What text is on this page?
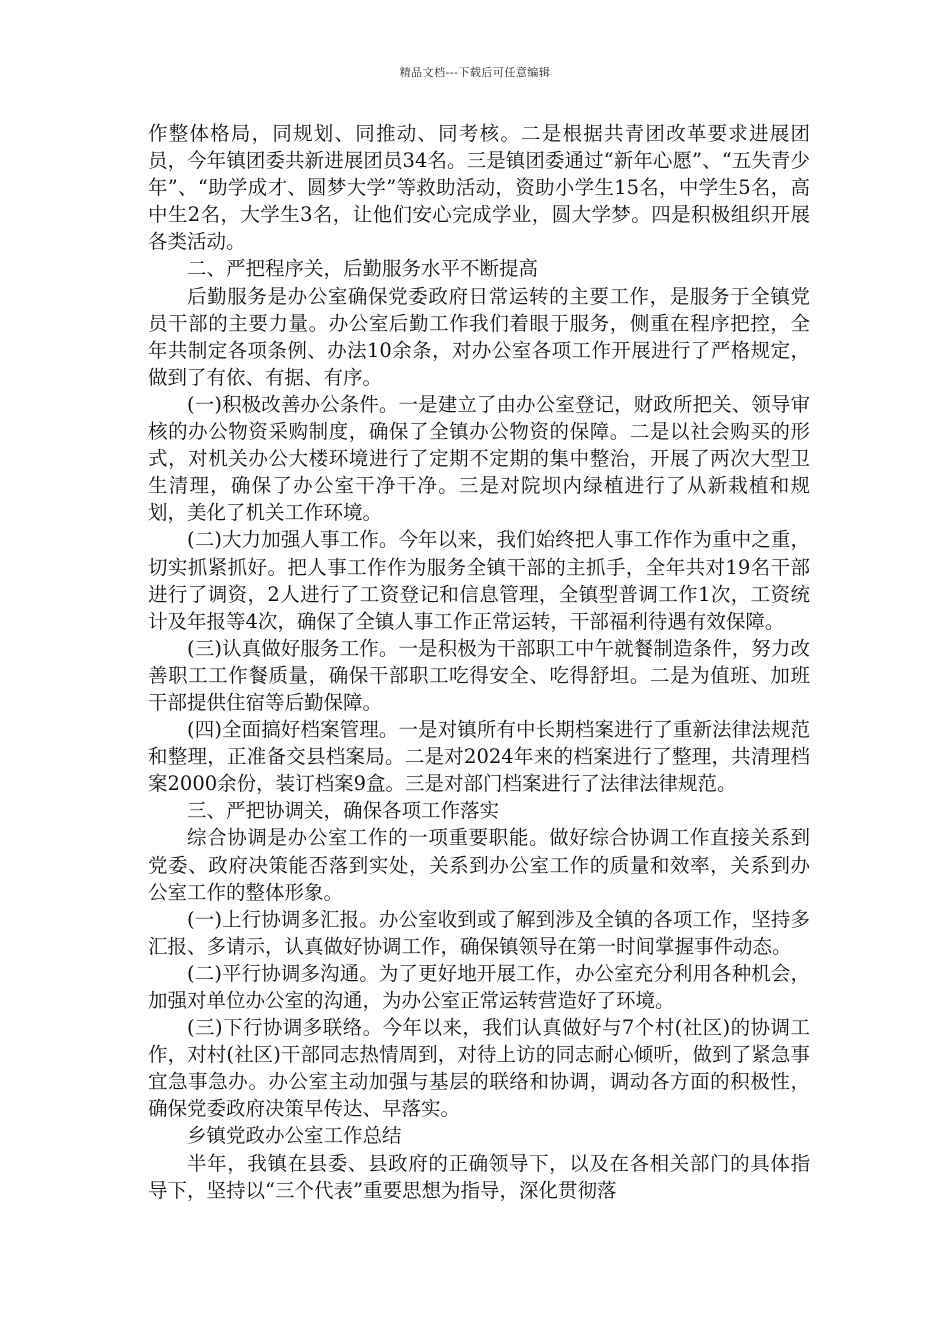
精品文档---下载后可任意编辑

作整体格局，同规划、同推动、同考核。二是根据共青团改革要求进展团员，今年镇团委共新进展团员34名。三是镇团委通过“新年心愿”、“五失青少年”、“助学成才、圆梦大学”等救助活动，资助小学生15名，中学生5名，高中生2名，大学生3名，让他们安心完成学业，圆大学梦。四是积极组织开展各类活动。

二、严把程序关，后勤服务水平不断提高

后勤服务是办公室确保党委政府日常运转的主要工作，是服务于全镇党员干部的主要力量。办公室后勤工作我们着眼于服务，侧重在程序把控，全年共制定各项条例、办法10余条，对办公室各项工作开展进行了严格规定，做到了有依、有据、有序。

(一)积极改善办公条件。一是建立了由办公室登记，财政所把关、领导审核的办公物资采购制度，确保了全镇办公物资的保障。二是以社会购买的形式，对机关办公大楼环境进行了定期不定期的集中整治，开展了两次大型卫生清理，确保了办公室干净干净。三是对院坝内绿植进行了从新栽植和规划，美化了机关工作环境。

(二)大力加强人事工作。今年以来，我们始终把人事工作作为重中之重，切实抓紧抓好。把人事工作作为服务全镇干部的主抓手，全年共对19名干部进行了调资，2人进行了工资登记和信息管理，全镇型普调工作1次，工资统计及年报等4次，确保了全镇人事工作正常运转，干部福利待遇有效保障。

(三)认真做好服务工作。一是积极为干部职工中午就餐制造条件，努力改善职工工作餐质量，确保干部职工吃得安全、吃得舒坦。二是为值班、加班干部提供住宿等后勤保障。

(四)全面搞好档案管理。一是对镇所有中长期档案进行了重新法律法规范和整理，正准备交县档案局。二是对2024年来的档案进行了整理，共清理档案2000余份，装订档案9盒。三是对部门档案进行了法律法律规范。

三、严把协调关，确保各项工作落实

综合协调是办公室工作的一项重要职能。做好综合协调工作直接关系到党委、政府决策能否落到实处，关系到办公室工作的质量和效率，关系到办公室工作的整体形象。

(一)上行协调多汇报。办公室收到或了解到涉及全镇的各项工作，坚持多汇报、多请示，认真做好协调工作，确保镇领导在第一时间掌握事件动态。

(二)平行协调多沟通。为了更好地开展工作，办公室充分利用各种机会，加强对单位办公室的沟通，为办公室正常运转营造好了环境。

(三)下行协调多联络。今年以来，我们认真做好与7个村(社区)的协调工作，对村(社区)干部同志热情周到，对待上访的同志耐心倾听，做到了紧急事宜急事急办。办公室主动加强与基层的联络和协调，调动各方面的积极性，确保党委政府决策早传达、早落实。

乡镇党政办公室工作总结

半年，我镇在县委、县政府的正确领导下，以及在各相关部门的具体指导下，坚持以“三个代表”重要思想为指导，深化贯彻落
